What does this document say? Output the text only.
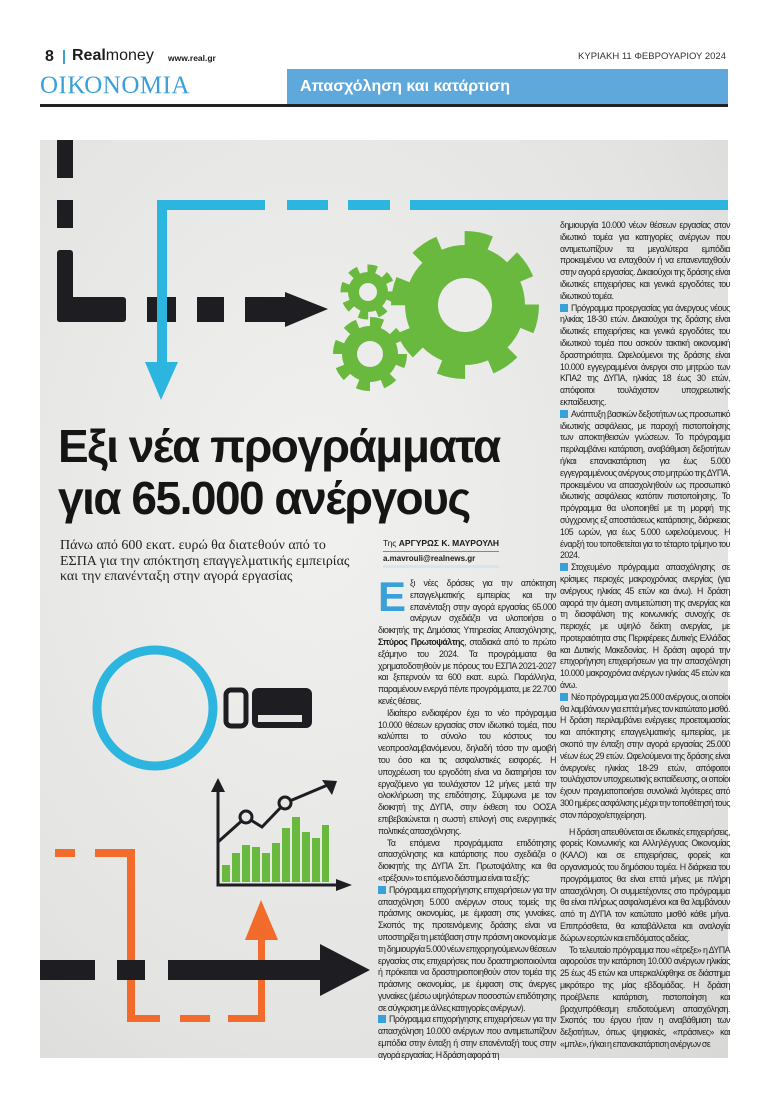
8 Realmoney www.real.gr	ΚΥΡΙΑΚΗ 11 ΦΕΒΡΟΥΑΡΙΟΥ 2024
ΟΙΚΟΝΟΜΙΑ	Απασχόληση και κατάρτιση
Εξι νέα προγράμματα
για 65.000 ανέργους
Πάνω από 600 εκατ. ευρώ θα διατεθούν από το ΕΣΠΑ για την απόκτηση επαγγελματικής εμπειρίας και την επανένταξη στην αγορά εργασίας
Της ΑΡΓΥΡΩΣ Κ. ΜΑΥΡΟΥΛΗ
a.mavrouli@realnews.gr

Εξι νέες δράσεις για την απόκτηση επαγγελματικής εμπειρίας και την επανένταξη στην αγορά εργασίας 65.000 ανέργων σχεδιάζει να υλοποιήσει ο διοικητής της Δημόσιας Υπηρεσίας Απασχόλησης, Σπύρος Πρωτοψάλτης, σταδιακά από το πρώτο εξάμηνο του 2024. Τα προγράμματα θα χρηματοδοτηθούν με πόρους του ΕΣΠΑ 2021-2027 και ξεπερνούν τα 600 εκατ. ευρώ. Παράλληλα, παραμένουν ενεργά πέντε προγράμματα, με 22.700 κενές θέσεις.

Ιδιαίτερο ενδιαφέρον έχει το νέο πρόγραμμα 10.000 θέσεων εργασίας στον ιδιωτικό τομέα, που καλύπτει το σύνολο του κόστους του νεοπροσλαμβανόμενου, δηλαδή τόσο την αμοιβή του όσο και τις ασφαλιστικές εισφορές. Η υποχρέωση του εργοδότη είναι να διατηρήσει τον εργαζόμενο για τουλάχιστον 12 μήνες μετά την ολοκλήρωση της επιδότησης. Σύμφωνα με τον διοικητή της ΔΥΠΑ, στην έκθεση του ΟΟΣΑ επιβεβαιώνεται η σωστή επιλογή στις ενεργητικές πολιτικές απασχόλησης.

Τα επόμενα προγράμματα επιδότησης απασχόλησης και κατάρτισης που σχεδιάζει ο διοικητής της ΔΥΠΑ Σπ. Πρωτοψάλτης και θα «τρέξουν» το επόμενο διάστημα είναι τα εξής:

Πρόγραμμα επιχορήγησης επιχειρήσεων για την απασχόληση 5.000 ανέργων στους τομείς της πράσινης οικονομίας, με έμφαση στις γυναίκες. Σκοπός της προτεινόμενης δράσης είναι να υποστηρίξει τη μετάβαση στην πράσινη οικονομία με τη δημιουργία 5.000 νέων επιχορηγούμενων θέσεων εργασίας στις επιχειρήσεις που δραστηριοποιούνται ή πρόκειται να δραστηριοποιηθούν στον τομέα της πράσινης οικονομίας, με έμφαση στις άνεργες γυναίκες (μέσω υψηλότερων ποσοστών επιδότησης σε σύγκριση με άλλες κατηγορίες ανέργων).

Πρόγραμμα επιχορήγησης επιχειρήσεων για την απασχόληση 10.000 ανέργων που αντιμετωπίζουν εμπόδια στην ένταξη ή στην επανένταξή τους στην αγορά εργασίας. Η δράση αφορά τη

δημιουργία 10.000 νέων θέσεων εργασίας στον ιδιωτικό τομέα για κατηγορίες ανέργων που αντιμετωπίζουν τα μεγαλύτερα εμπόδια προκειμένου να ενταχθούν ή να επανενταχθούν στην αγορά εργασίας. Δικαιούχοι της δράσης είναι ιδιωτικές επιχειρήσεις και γενικά εργοδότες του ιδιωτικού τομέα.

Πρόγραμμα προεργασίας για άνεργους νέους ηλικίας 18-30 ετών. Δικαιούχοι της δράσης είναι ιδιωτικές επιχειρήσεις και γενικά εργοδότες του ιδιωτικού τομέα που ασκούν τακτική οικονομική δραστηριότητα. Ωφελούμενοι της δράσης είναι 10.000 εγγεγραμμένοι άνεργοι στο μητρώο των ΚΠΑ2 της ΔΥΠΑ, ηλικίας 18 έως 30 ετών, απόφοιτοι τουλάχιστον υποχρεωτικής εκπαίδευσης.

Ανάπτυξη βασικών δεξιοτήτων ως προσωπικό ιδιωτικής ασφάλειας, με παροχή πιστοποίησης των αποκτηθεισών γνώσεων. Το πρόγραμμα περιλαμβάνει κατάρτιση, αναβάθμιση δεξιοτήτων ή/και επανακατάρτιση για έως 5.000 εγγεγραμμένους ανέργους στο μητρώο της ΔΥΠΑ, προκειμένου να απασχοληθούν ως προσωπικό ιδιωτικής ασφάλειας κατόπιν πιστοποίησης. Το πρόγραμμα θα υλοποιηθεί με τη μορφή της σύγχρονης εξ αποστάσεως κατάρτισης, διάρκειας 105 ωρών, για έως 5.000 ωφελούμενους. Η έναρξή του τοποθετείται για το τέταρτο τρίμηνο του 2024.

Στοχευμένο πρόγραμμα απασχόλησης σε κρίσιμες περιοχές μακροχρόνιας ανεργίας (για ανέργους ηλικίας 45 ετών και άνω). Η δράση αφορά την άμεση αντιμετώπιση της ανεργίας και τη διασφάλιση της κοινωνικής συνοχής σε περιοχές με υψηλό δείκτη ανεργίας, με προτεραιότητα στις Περιφέρειες Δυτικής Ελλάδας και Δυτικής Μακεδονίας. Η δράση αφορά την επιχορήγηση επιχειρήσεων για την απασχόληση 10.000 μακροχρόνια ανέργων ηλικίας 45 ετών και άνω.

Νέο πρόγραμμα για 25.000 ανέργους, οι οποίοι θα λαμβάνουν για επτά μήνες τον κατώτατο μισθό. Η δράση περιλαμβάνει ενέργειες προετοιμασίας και απόκτησης επαγγελματικής εμπειρίας, με σκοπό την ένταξη στην αγορά εργασίας 25.000 νέων έως 29 ετών. Ωφελούμενοι της δράσης είναι άνεργοι/ες ηλικίας 18-29 ετών, απόφοιτοι τουλάχιστον υποχρεωτικής εκπαίδευσης, οι οποίοι έχουν πραγματοποιήσει συνολικά λιγότερες από 300 ημέρες ασφάλισης μέχρι την τοποθέτησή τους στον πάροχο/επιχείρηση.

Η δράση απευθύνεται σε ιδιωτικές επιχειρήσεις, φορείς Κοινωνικής και Αλληλέγγυας Οικονομίας (ΚΑΛΟ) και σε επιχειρήσεις, φορείς και οργανισμούς του δημόσιου τομέα. Η διάρκεια του προγράμματος θα είναι επτά μήνες με πλήρη απασχόληση. Οι συμμετέχοντες στο πρόγραμμα θα είναι πλήρως ασφαλισμένοι και θα λαμβάνουν από τη ΔΥΠΑ τον κατώτατο μισθό κάθε μήνα. Επιπρόσθετα, θα καταβάλλεται και αναλογία δώρων εορτών και επιδόματος αδείας.

Το τελευταίο πρόγραμμα που «έτρεξε» η ΔΥΠΑ αφορούσε την κατάρτιση 10.000 ανέργων ηλικίας 25 έως 45 ετών και υπερκαλύφθηκε σε διάστημα μικρότερο της μίας εβδομάδας. Η δράση προέβλεπε κατάρτιση, πιστοποίηση και βραχυπρόθεσμη επιδοτούμενη απασχόληση. Σκοπός του έργου ήταν η αναβάθμιση των δεξιοτήτων, όπως ψηφιακές, «πράσινες» και «μπλε», ή/και η επανακατάρτιση ανέργων σε
